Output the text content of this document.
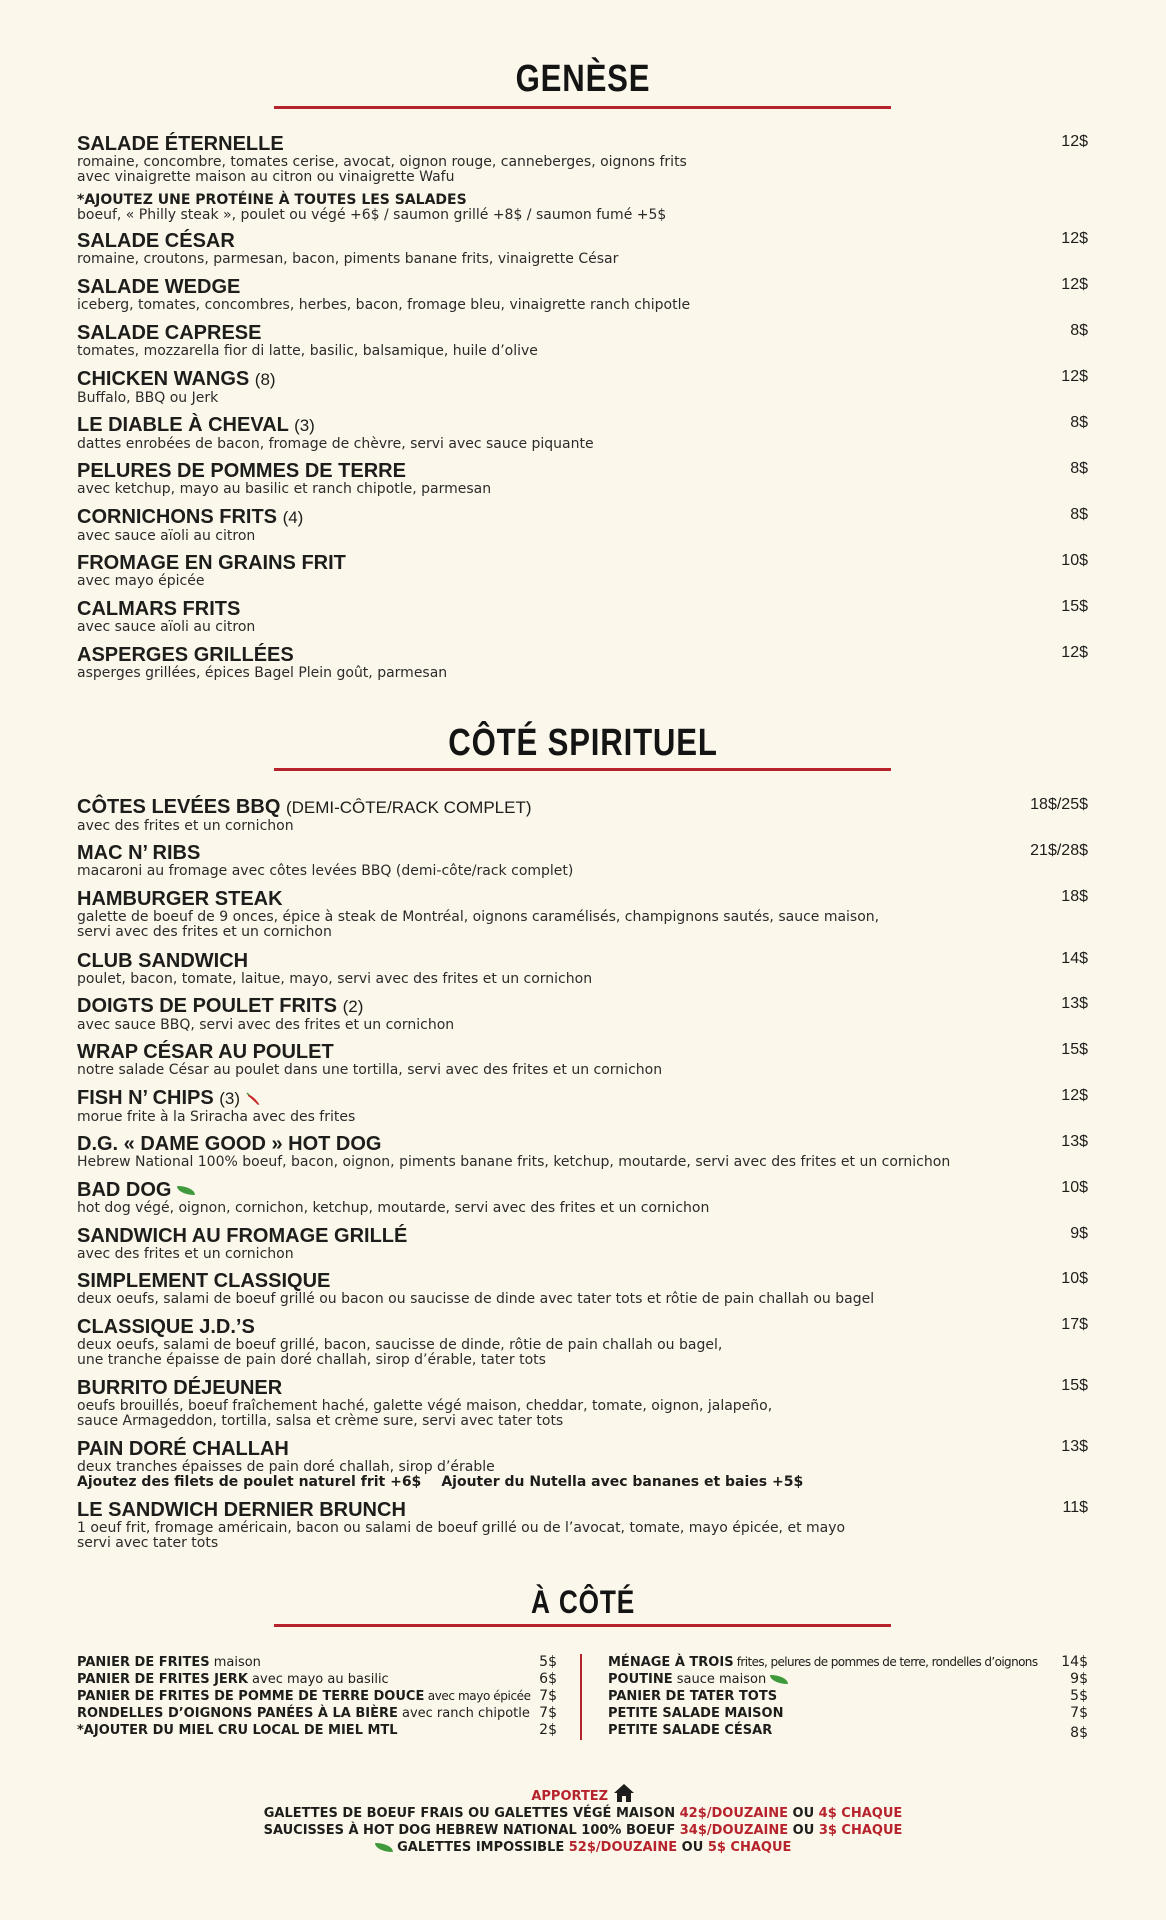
GENÈSE
SALADE ÉTERNELLE
romaine, concombre, tomates cerise, avocat, oignon rouge, canneberges, oignons frits
avec vinaigrette maison au citron ou vinaigrette Wafu
12$
*AJOUTEZ UNE PROTÉINE À TOUTES LES SALADES
boeuf, « Philly steak », poulet ou végé +6$ / saumon grillé +8$ / saumon fumé +5$
SALADE CÉSAR
romaine, croutons, parmesan, bacon, piments banane frits, vinaigrette César
12$
SALADE WEDGE
iceberg, tomates, concombres, herbes, bacon, fromage bleu, vinaigrette ranch chipotle
12$
SALADE CAPRESE
tomates, mozzarella fior di latte, basilic, balsamique, huile d’olive
8$
CHICKEN WANGS (8)
Buffalo, BBQ ou Jerk
12$
LE DIABLE À CHEVAL (3)
dattes enrobées de bacon, fromage de chèvre, servi avec sauce piquante
8$
PELURES DE POMMES DE TERRE
avec ketchup, mayo au basilic et ranch chipotle, parmesan
8$
CORNICHONS FRITS (4)
avec sauce aïoli au citron
8$
FROMAGE EN GRAINS FRIT
avec mayo épicée
10$
CALMARS FRITS
avec sauce aïoli au citron
15$
ASPERGES GRILLÉES
asperges grillées, épices Bagel Plein goût, parmesan
12$
CÔTÉ SPIRITUEL
CÔTES LEVÉES BBQ (DEMI-CÔTE/RACK COMPLET)
avec des frites et un cornichon
18$/25$
MAC N’ RIBS
macaroni au fromage avec côtes levées BBQ (demi-côte/rack complet)
21$/28$
HAMBURGER STEAK
galette de boeuf de 9 onces, épice à steak de Montréal, oignons caramélisés, champignons sautés, sauce maison,
servi avec des frites et un cornichon
18$
CLUB SANDWICH
poulet, bacon, tomate, laitue, mayo, servi avec des frites et un cornichon
14$
DOIGTS DE POULET FRITS (2)
avec sauce BBQ, servi avec des frites et un cornichon
13$
WRAP CÉSAR AU POULET
notre salade César au poulet dans une tortilla, servi avec des frites et un cornichon
15$
FISH N’ CHIPS (3)
morue frite à la Sriracha avec des frites
12$
D.G. « DAME GOOD » HOT DOG
Hebrew National 100% boeuf, bacon, oignon, piments banane frits, ketchup, moutarde, servi avec des frites et un cornichon
13$
BAD DOG
hot dog végé, oignon, cornichon, ketchup, moutarde, servi avec des frites et un cornichon
10$
SANDWICH AU FROMAGE GRILLÉ
avec des frites et un cornichon
9$
SIMPLEMENT CLASSIQUE
deux oeufs, salami de boeuf grillé ou bacon ou saucisse de dinde avec tater tots et rôtie de pain challah ou bagel
10$
CLASSIQUE J.D.’S
deux oeufs, salami de boeuf grillé, bacon, saucisse de dinde, rôtie de pain challah ou bagel,
une tranche épaisse de pain doré challah, sirop d’érable, tater tots
17$
BURRITO DÉJEUNER
oeufs brouillés, boeuf fraîchement haché, galette végé maison, cheddar, tomate, oignon, jalapeño,
sauce Armageddon, tortilla, salsa et crème sure, servi avec tater tots
15$
PAIN DORÉ CHALLAH
deux tranches épaisses de pain doré challah, sirop d’érable
Ajoutez des filets de poulet naturel frit +6$ Ajouter du Nutella avec bananes et baies +5$
13$
LE SANDWICH DERNIER BRUNCH
1 oeuf frit, fromage américain, bacon ou salami de boeuf grillé ou de l’avocat, tomate, mayo épicée, et mayo
servi avec tater tots
11$
À CÔTÉ
PANIER DE FRITES maison	5$
PANIER DE FRITES JERK avec mayo au basilic	6$
PANIER DE FRITES DE POMME DE TERRE DOUCE avec mayo épicée 7$
RONDELLES D’OIGNONS PANÉES À LA BIÈRE avec ranch chipotle 7$
*AJOUTER DU MIEL CRU LOCAL DE MIEL MTL	2$
MÉNAGE À TROIS frites, pelures de pommes de terre, rondelles d’oignons 14$
POUTINE sauce maison	9$
PANIER DE TATER TOTS	5$
PETITE SALADE MAISON	7$
PETITE SALADE CÉSAR	8$
APPORTEZ
GALETTES DE BOEUF FRAIS OU GALETTES VÉGÉ MAISON 42$/DOUZAINE OU 4$ CHAQUE
SAUCISSES À HOT DOG HEBREW NATIONAL 100% BOEUF 34$/DOUZAINE OU 3$ CHAQUE
GALETTES IMPOSSIBLE 52$/DOUZAINE OU 5$ CHAQUE
